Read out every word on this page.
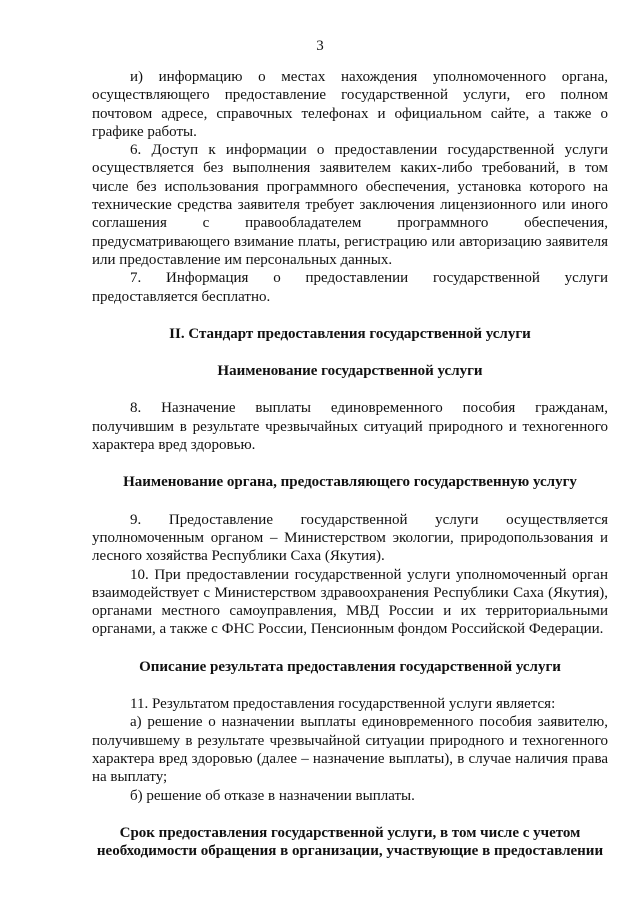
3

и) информацию о местах нахождения уполномоченного органа, осуществляющего предоставление государственной услуги, его полном почтовом адресе, справочных телефонах и официальном сайте, а также о графике работы.

6. Доступ к информации о предоставлении государственной услуги осуществляется без выполнения заявителем каких-либо требований, в том числе без использования программного обеспечения, установка которого на технические средства заявителя требует заключения лицензионного или иного соглашения с правообладателем программного обеспечения, предусматривающего взимание платы, регистрацию или авторизацию заявителя или предоставление им персональных данных.

7. Информация о предоставлении государственной услуги предоставляется бесплатно.

II. Стандарт предоставления государственной услуги

Наименование государственной услуги

8. Назначение выплаты единовременного пособия гражданам, получившим в результате чрезвычайных ситуаций природного и техногенного характера вред здоровью.

Наименование органа, предоставляющего государственную услугу

9. Предоставление государственной услуги осуществляется уполномоченным органом – Министерством экологии, природопользования и лесного хозяйства Республики Саха (Якутия).

10. При предоставлении государственной услуги уполномоченный орган взаимодействует с Министерством здравоохранения Республики Саха (Якутия), органами местного самоуправления, МВД России и их территориальными органами, а также с ФНС России, Пенсионным фондом Российской Федерации.

Описание результата предоставления государственной услуги

11. Результатом предоставления государственной услуги является:

а) решение о назначении выплаты единовременного пособия заявителю, получившему в результате чрезвычайной ситуации природного и техногенного характера вред здоровью (далее – назначение выплаты), в случае наличия права на выплату;

б) решение об отказе в назначении выплаты.

Срок предоставления государственной услуги, в том числе с учетом

необходимости обращения в организации, участвующие в предоставлении
